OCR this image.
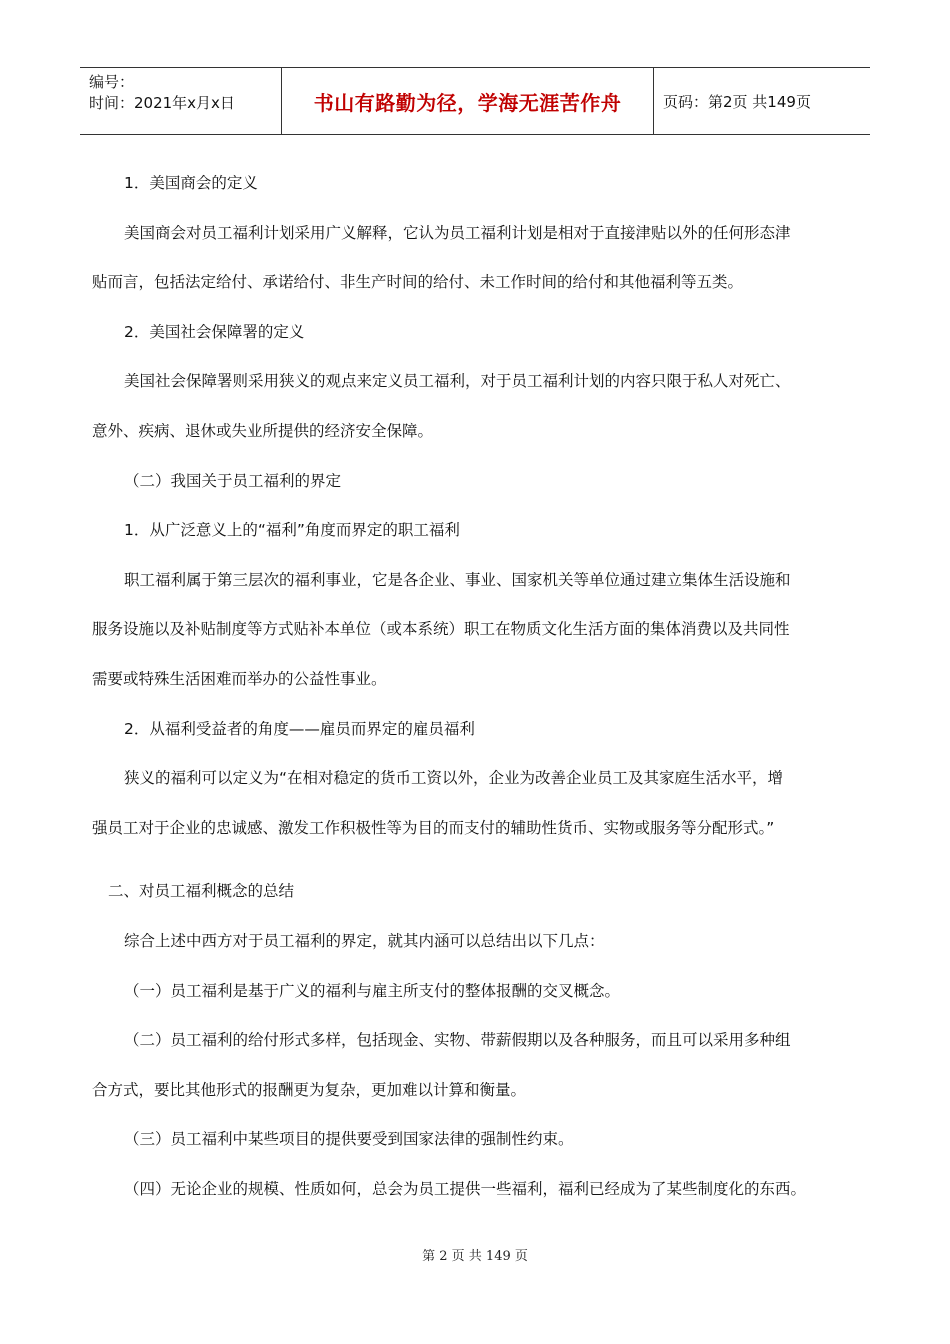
编号：
时间：2021年x月x日	书山有路勤为径，学海无涯苦作舟	页码：第2页 共149页

1．美国商会的定义

美国商会对员工福利计划采用广义解释，它认为员工福利计划是相对于直接津贴以外的任何形态津

贴而言，包括法定给付、承诺给付、非生产时间的给付、未工作时间的给付和其他福利等五类。

2．美国社会保障署的定义

美国社会保障署则采用狭义的观点来定义员工福利，对于员工福利计划的内容只限于私人对死亡、

意外、疾病、退休或失业所提供的经济安全保障。

（二）我国关于员工福利的界定

1．从广泛意义上的“福利”角度而界定的职工福利

职工福利属于第三层次的福利事业，它是各企业、事业、国家机关等单位通过建立集体生活设施和

服务设施以及补贴制度等方式贴补本单位（或本系统）职工在物质文化生活方面的集体消费以及共同性

需要或特殊生活困难而举办的公益性事业。

2．从福利受益者的角度——雇员而界定的雇员福利

狭义的福利可以定义为“在相对稳定的货币工资以外，企业为改善企业员工及其家庭生活水平，增

强员工对于企业的忠诚感、激发工作积极性等为目的而支付的辅助性货币、实物或服务等分配形式。”

二、对员工福利概念的总结

综合上述中西方对于员工福利的界定，就其内涵可以总结出以下几点：

（一）员工福利是基于广义的福利与雇主所支付的整体报酬的交叉概念。

（二）员工福利的给付形式多样，包括现金、实物、带薪假期以及各种服务，而且可以采用多种组

合方式，要比其他形式的报酬更为复杂，更加难以计算和衡量。

（三）员工福利中某些项目的提供要受到国家法律的强制性约束。

（四）无论企业的规模、性质如何，总会为员工提供一些福利，福利已经成为了某些制度化的东西。

第 2 页 共 149 页
